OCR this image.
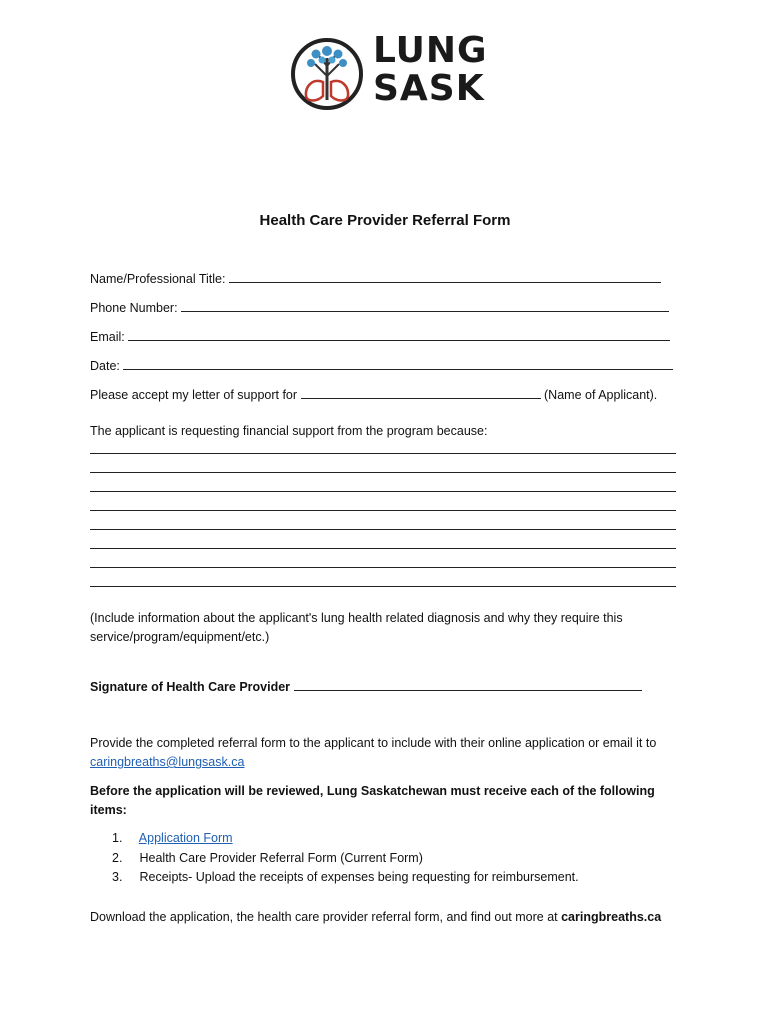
LUNG
SASK
Health Care Provider Referral Form
Name/Professional Title:
Phone Number:
Email:
Date:
Please accept my letter of support for	(Name of Applicant).
The applicant is requesting financial support from the program because:
(Include information about the applicant's lung health related diagnosis and why they require this service/program/equipment/etc.)
Signature of Health Care Provider
Provide the completed referral form to the applicant to include with their online application or email it to caringbreaths@lungsask.ca
Before the application will be reviewed, Lung Saskatchewan must receive each of the following items:
1. Application Form
2. Health Care Provider Referral Form (Current Form)
3. Receipts- Upload the receipts of expenses being requesting for reimbursement.
Download the application, the health care provider referral form, and find out more at caringbreaths.ca
